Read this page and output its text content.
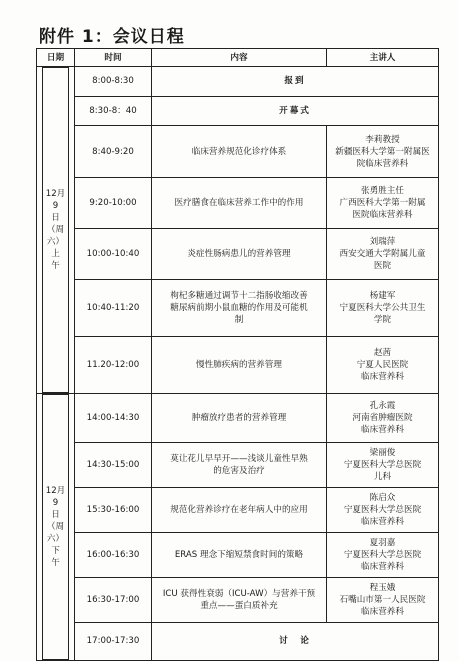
附件 1：会议日程
日期	时间	内容	主讲人

12月9
日（周
六）上
午	8:00-8:30	报到	
	8:30-8：40	开幕式	
	8:40-9:20	临床营养规范化诊疗体系	李莉教授
新疆医科大学第一附属医
院临床营养科

	9:20-10:00	医疗膳食在临床营养工作中的作用	张勇胜主任
广西医科大学第一附属
医院临床营养科

	10:00-10:40	炎症性肠病患儿的营养管理	刘瑞萍
西安交通大学附属儿童
医院

	10:40-11:20	枸杞多糖通过调节十二指肠收缩改善
糖尿病前期小鼠血糖的作用及可能机
制	杨建军
宁夏医科大学公共卫生
学院

	11.20-12:00	慢性肺疾病的营养管理	赵茜
宁夏人民医院
临床营养科

12月9
日（周
六）下
午	14:00-14:30	肿瘤放疗患者的营养管理	孔永霞
河南省肿瘤医院
临床营养科

	14:30-15:00	莫让花儿早早开——浅谈儿童性早熟
的危害及治疗	梁丽俊
宁夏医科大学总医院
儿科

	15:30-16:00	规范化营养诊疗在老年病人中的应用	陈启众
宁夏医科大学总医院
临床营养科

	16:00-16:30	ERAS 理念下缩短禁食时间的策略	夏羽嘉
宁夏医科大学总医院
临床营养科

	16:30-17:00	ICU 获得性衰弱（ICU-AW）与营养干预
重点——蛋白质补充	程玉娥
石嘴山市第一人民医院
临床营养科

	17:00-17:30	讨　论	
